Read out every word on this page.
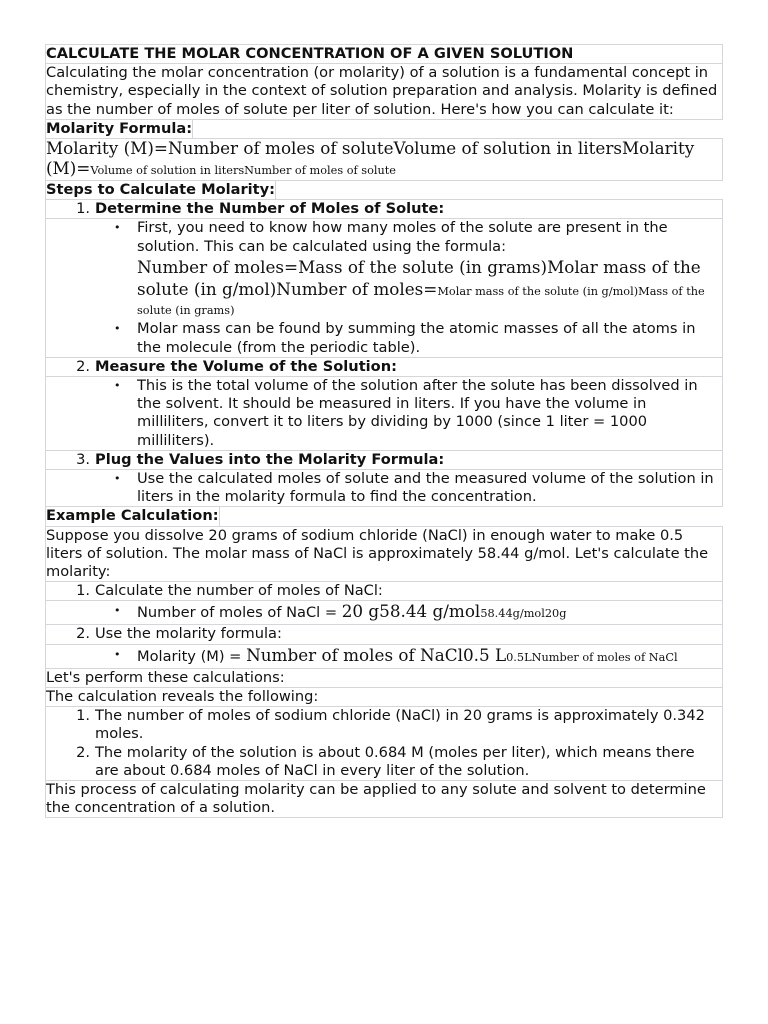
CALCULATE THE MOLAR CONCENTRATION OF A GIVEN SOLUTION
Calculating the molar concentration (or molarity) of a solution is a fundamental concept in chemistry, especially in the context of solution preparation and analysis. Molarity is defined as the number of moles of solute per liter of solution. Here's how you can calculate it:
Molarity Formula:
Molarity (M)=Number of moles of soluteVolume of solution in litersMolarity (M)=Volume of solution in litersNumber of moles of solute
Steps to Calculate Molarity:
1. Determine the Number of Moles of Solute:
•	First, you need to know how many moles of the solute are present in the solution. This can be calculated using the formula:
Number of moles=Mass of the solute (in grams)Molar mass of the solute (in g/mol)Number of moles=Molar mass of the solute (in g/mol)Mass of the solute (in grams)
•	Molar mass can be found by summing the atomic masses of all the atoms in the molecule (from the periodic table).
2. Measure the Volume of the Solution:
•	This is the total volume of the solution after the solute has been dissolved in the solvent. It should be measured in liters. If you have the volume in milliliters, convert it to liters by dividing by 1000 (since 1 liter = 1000 milliliters).
3. Plug the Values into the Molarity Formula:
•	Use the calculated moles of solute and the measured volume of the solution in liters in the molarity formula to find the concentration.
Example Calculation:
Suppose you dissolve 20 grams of sodium chloride (NaCl) in enough water to make 0.5 liters of solution. The molar mass of NaCl is approximately 58.44 g/mol. Let's calculate the molarity:
1. Calculate the number of moles of NaCl:
•	Number of moles of NaCl = 20 g58.44 g/mol58.44g/mol20g
2. Use the molarity formula:
•	Molarity (M) = Number of moles of NaCl0.5 L0.5LNumber of moles of NaCl
Let's perform these calculations:
The calculation reveals the following:
1. The number of moles of sodium chloride (NaCl) in 20 grams is approximately 0.342 moles.
2. The molarity of the solution is about 0.684 M (moles per liter), which means there are about 0.684 moles of NaCl in every liter of the solution.
This process of calculating molarity can be applied to any solute and solvent to determine the concentration of a solution.
